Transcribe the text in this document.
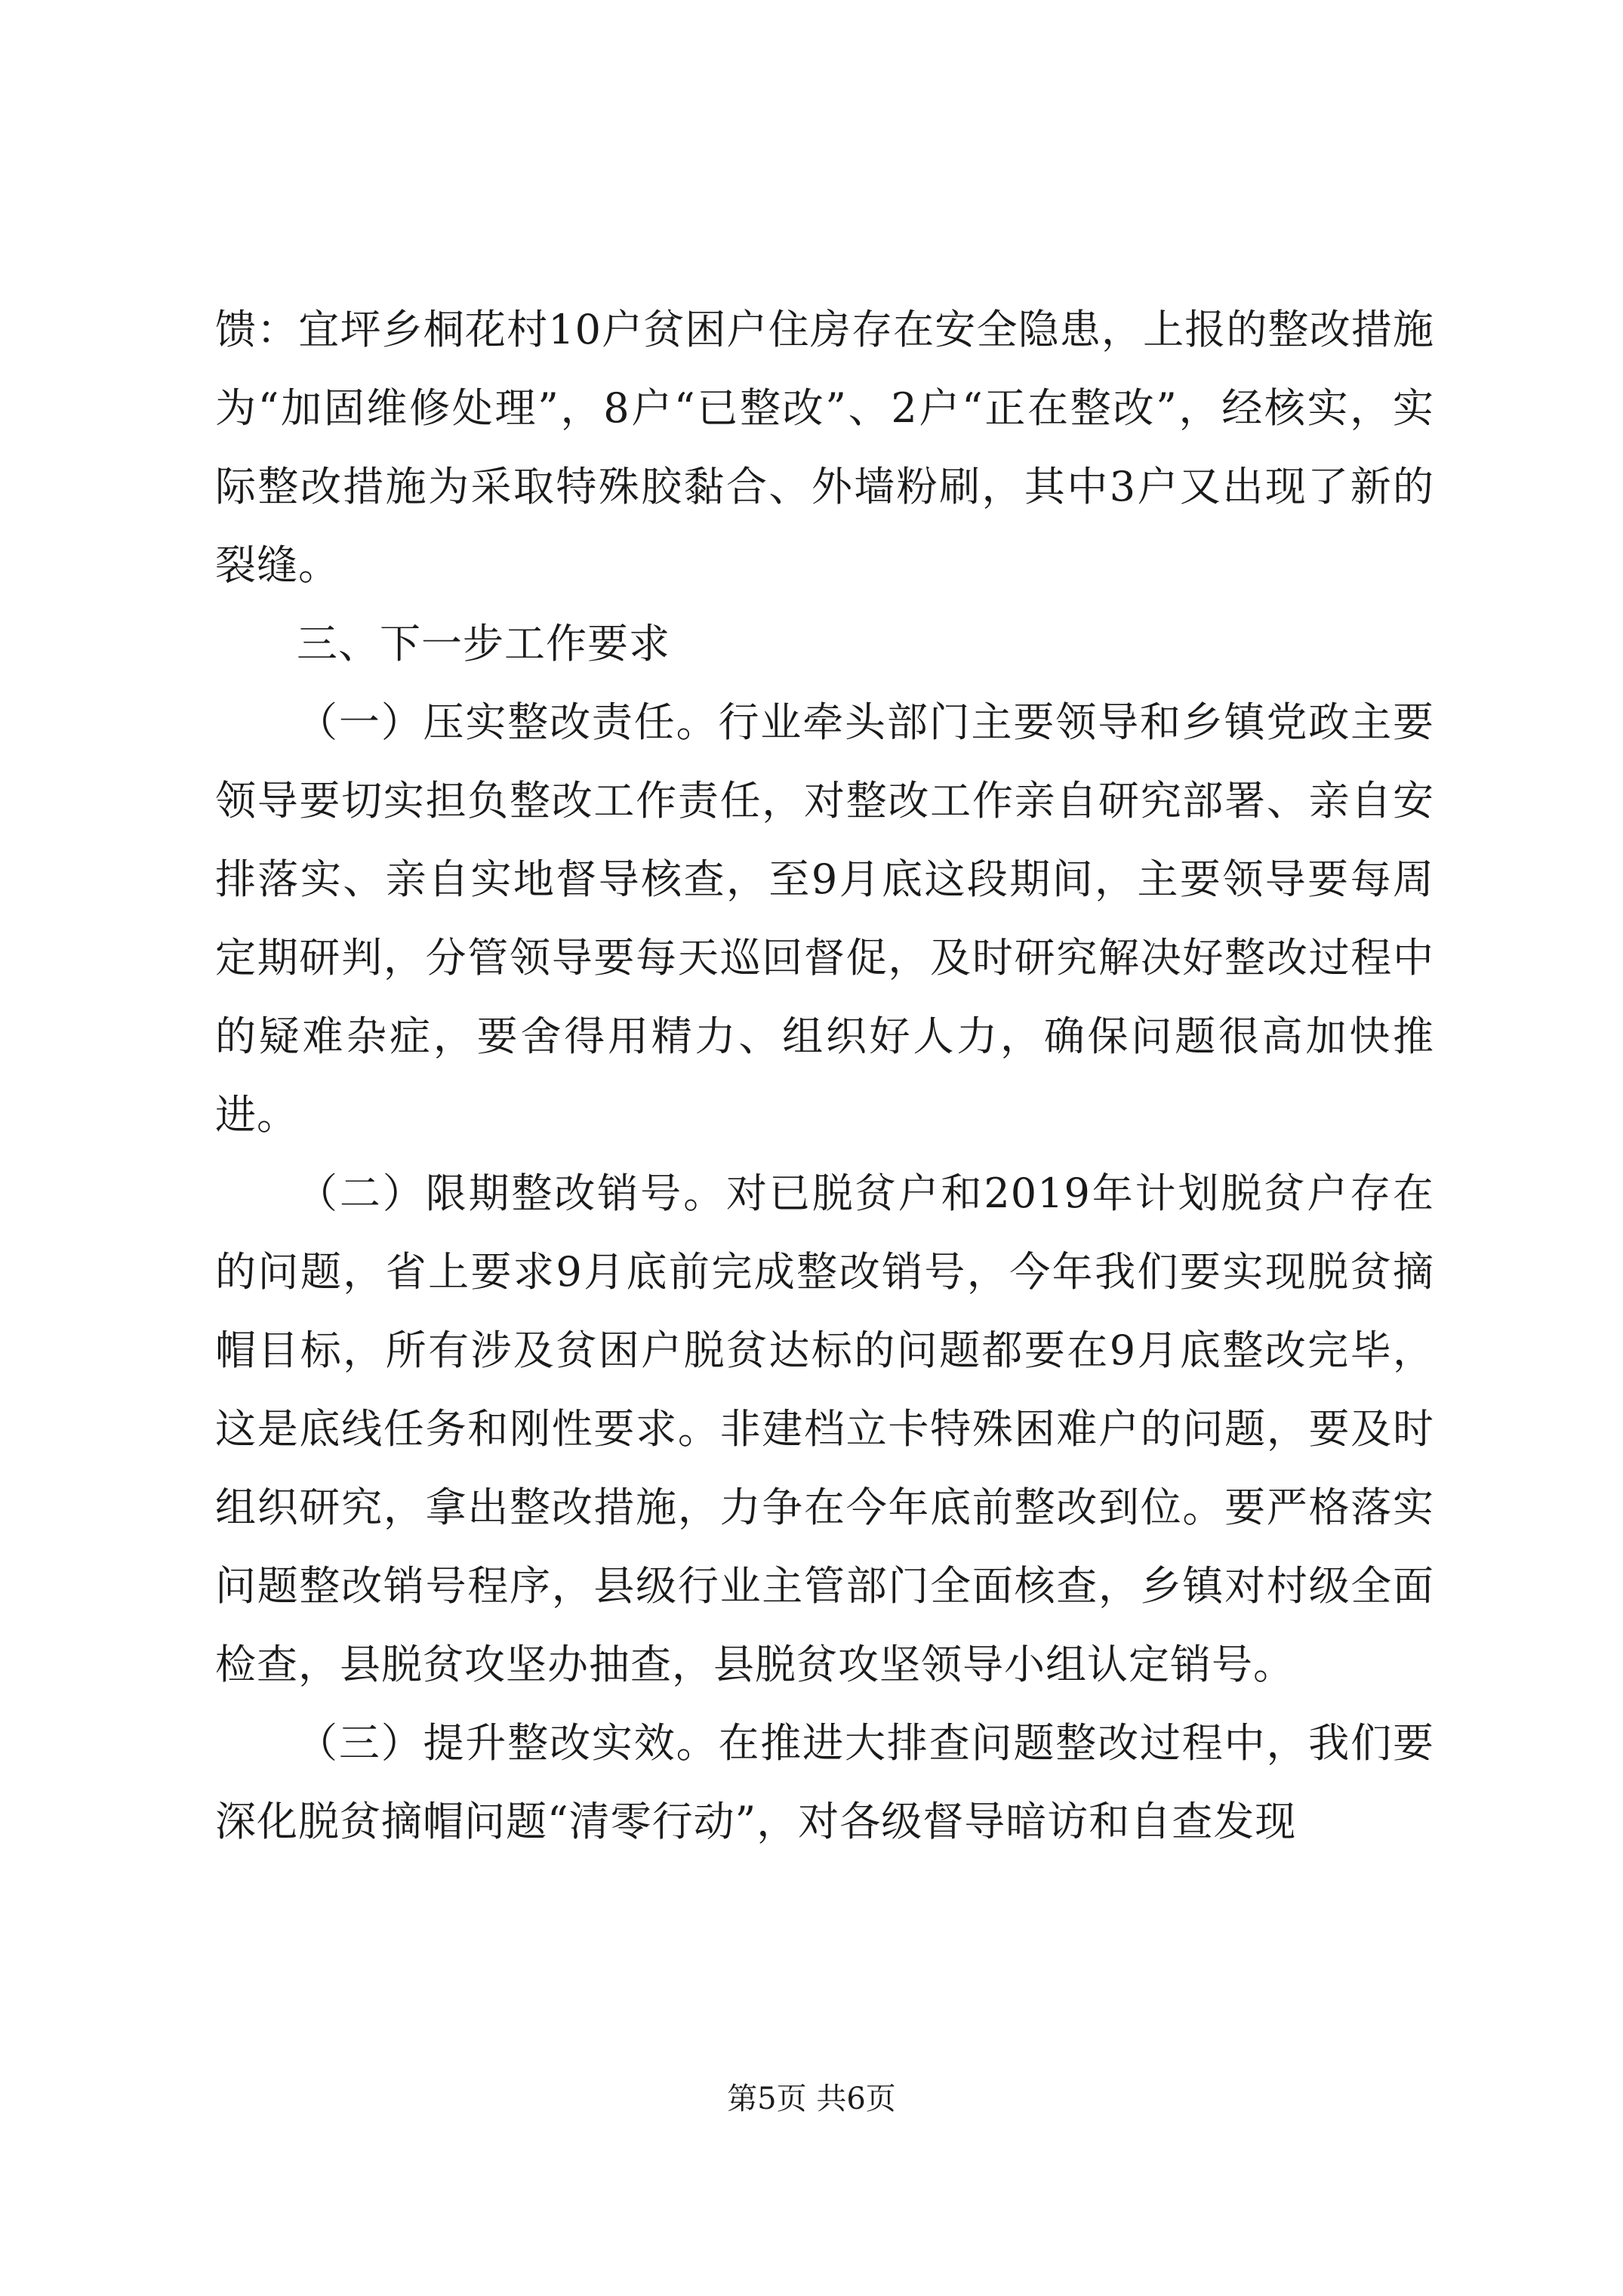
馈：宜坪乡桐花村10户贫困户住房存在安全隐患，上报的整改措施为“加固维修处理”，8户“已整改”、2户“正在整改”，经核实，实际整改措施为采取特殊胶黏合、外墙粉刷，其中3户又出现了新的裂缝。

三、下一步工作要求

（一）压实整改责任。行业牵头部门主要领导和乡镇党政主要领导要切实担负整改工作责任，对整改工作亲自研究部署、亲自安排落实、亲自实地督导核查，至9月底这段期间，主要领导要每周定期研判，分管领导要每天巡回督促，及时研究解决好整改过程中的疑难杂症，要舍得用精力、组织好人力，确保问题很高加快推进。

（二）限期整改销号。对已脱贫户和2019年计划脱贫户存在的问题，省上要求9月底前完成整改销号，今年我们要实现脱贫摘帽目标，所有涉及贫困户脱贫达标的问题都要在9月底整改完毕，这是底线任务和刚性要求。非建档立卡特殊困难户的问题，要及时组织研究，拿出整改措施，力争在今年底前整改到位。要严格落实问题整改销号程序，县级行业主管部门全面核查，乡镇对村级全面检查，县脱贫攻坚办抽查，县脱贫攻坚领导小组认定销号。

（三）提升整改实效。在推进大排查问题整改过程中，我们要深化脱贫摘帽问题“清零行动”，对各级督导暗访和自查发现

第5页 共6页
